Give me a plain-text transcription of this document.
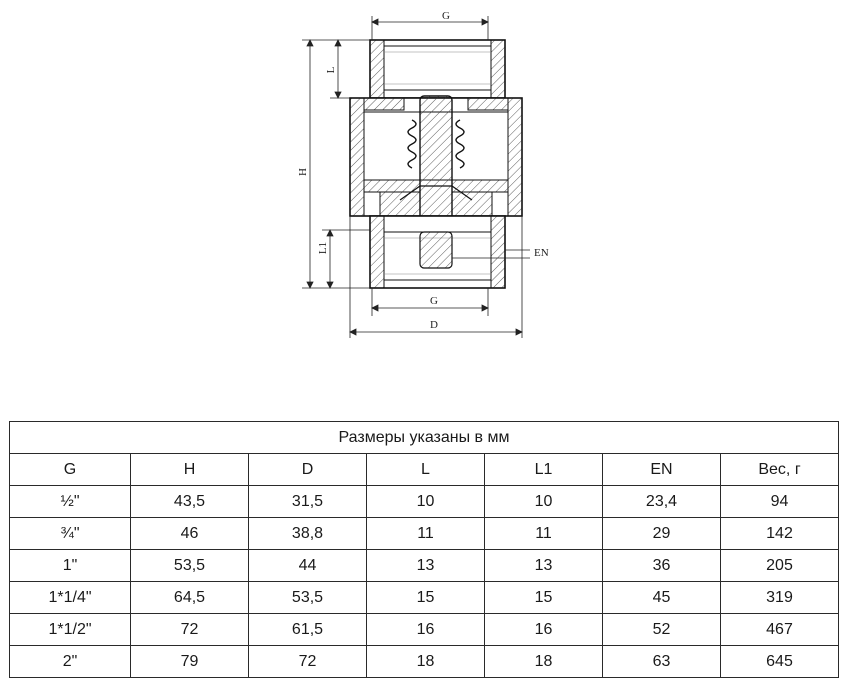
G
G
D
EN
H
L
L1
Размеры указаны в мм						
G	H	D	L	L1	EN	Вес, г
½"	43,5	31,5	10	10	23,4	94
¾"	46	38,8	11	11	29	142
1"	53,5	44	13	13	36	205
1*1/4"	64,5	53,5	15	15	45	319
1*1/2"	72	61,5	16	16	52	467
2"	79	72	18	18	63	645
